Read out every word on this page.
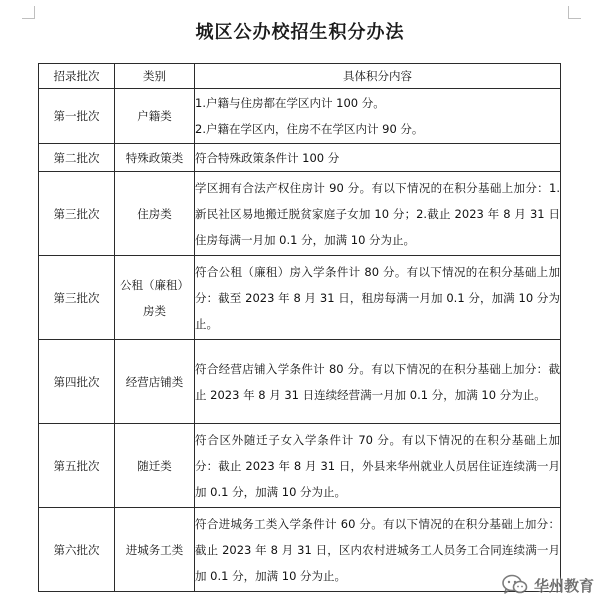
城区公办校招生积分办法
招录批次	类别	具体积分内容
第一批次	户籍类	1.户籍与住房都在学区内计 100 分。

2.户籍在学区内，住房不在学区内计 90 分。

第二批次	特殊政策类	符合特殊政策条件计 100 分

第三批次	住房类	学区拥有合法产权住房计 90 分。有以下情况的在积分基础上加分：1.新民社区易地搬迁脱贫家庭子女加 10 分；2.截止 2023 年 8 月 31 日住房每满一月加 0.1 分，加满 10 分为止。

第三批次	公租（廉租）房类	符合公租（廉租）房入学条件计 80 分。有以下情况的在积分基础上加分：截至 2023 年 8 月 31 日，租房每满一月加 0.1 分，加满 10 分为止。

第四批次	经营店铺类	符合经营店铺入学条件计 80 分。有以下情况的在积分基础上加分：截止 2023 年 8 月 31 日连续经营满一月加 0.1 分，加满 10 分为止。

第五批次	随迁类	符合区外随迁子女入学条件计 70 分。有以下情况的在积分基础上加分：截止 2023 年 8 月 31 日，外县来华州就业人员居住证连续满一月加 0.1 分，加满 10 分为止。

第六批次	进城务工类	符合进城务工类入学条件计 60 分。有以下情况的在积分基础上加分：截止 2023 年 8 月 31 日，区内农村进城务工人员务工合同连续满一月加 0.1 分，加满 10 分为止。

华州教育
